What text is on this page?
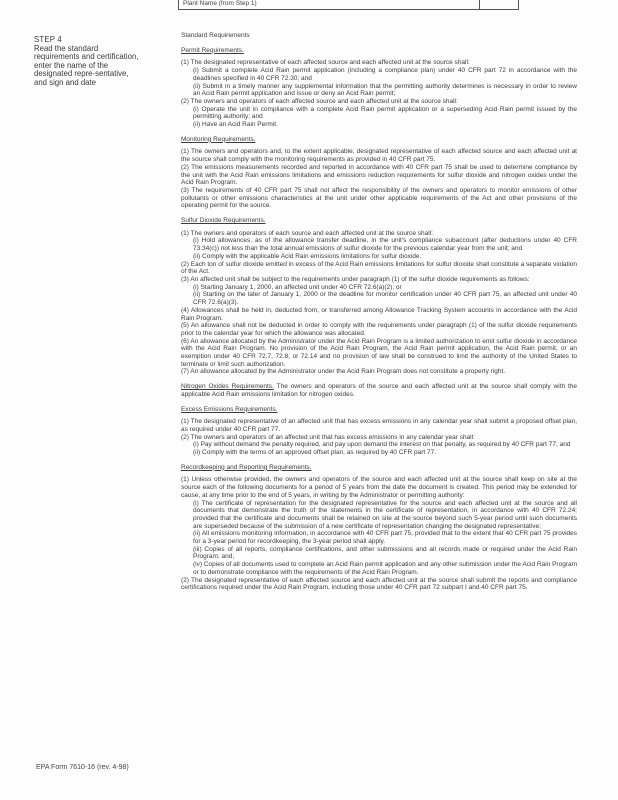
Plant Name (from Step 1)
STEP 4
Read the standard requirements and certification, enter the name of the designated repre-sentative, and sign and date

Standard Requirements

Permit Requirements.

(1) The designated representative of each affected source and each affected unit at the source shall:

(i) Submit a complete Acid Rain permit application (including a compliance plan) under 40 CFR part 72 in accordance with the deadlines specified in 40 CFR 72.30; and

(ii) Submit in a timely manner any supplemental information that the permitting authority determines is necessary in order to review an Acid Rain permit application and issue or deny an Acid Rain permit;

(2) The owners and operators of each affected source and each affected unit at the source shall:

(i) Operate the unit in compliance with a complete Acid Rain permit application or a superseding Acid Rain permit issued by the permitting authority; and

(ii) Have an Acid Rain Permit.

Monitoring Requirements.

(1) The owners and operators and, to the extent applicable, designated representative of each affected source and each affected unit at the source shall comply with the monitoring requirements as provided in 40 CFR part 75.

(2) The emissions measurements recorded and reported in accordance with 40 CFR part 75 shall be used to determine compliance by the unit with the Acid Rain emissions limitations and emissions reduction requirements for sulfur dioxide and nitrogen oxides under the Acid Rain Program.

(3) The requirements of 40 CFR part 75 shall not affect the responsibility of the owners and operators to monitor emissions of other pollutants or other emissions characteristics at the unit under other applicable requirements of the Act and other provisions of the operating permit for the source.

Sulfur Dioxide Requirements.

(1) The owners and operators of each source and each affected unit at the source shall:

(i) Hold allowances, as of the allowance transfer deadline, in the unit's compliance subaccount (after deductions under 40 CFR 73.34(c)) not less than the total annual emissions of sulfur dioxide for the previous calendar year from the unit; and

(ii) Comply with the applicable Acid Rain emissions limitations for sulfur dioxide.

(2) Each ton of sulfur dioxide emitted in excess of the Acid Rain emissions limitations for sulfur dioxide shall constitute a separate violation of the Act.

(3) An affected unit shall be subject to the requirements under paragraph (1) of the sulfur dioxide requirements as follows:

(i) Starting January 1, 2000, an affected unit under 40 CFR 72.6(a)(2); or

(ii) Starting on the later of January 1, 2000 or the deadline for monitor certification under 40 CFR part 75, an affected unit under 40 CFR 72.6(a)(3).

(4) Allowances shall be held in, deducted from, or transferred among Allowance Tracking System accounts in accordance with the Acid Rain Program.

(5) An allowance shall not be deducted in order to comply with the requirements under paragraph (1) of the sulfur dioxide requirements prior to the calendar year for which the allowance was allocated.

(6) An allowance allocated by the Administrator under the Acid Rain Program is a limited authorization to emit sulfur dioxide in accordance with the Acid Rain Program. No provision of the Acid Rain Program, the Acid Rain permit application, the Acid Rain permit, or an exemption under 40 CFR 72.7, 72.8, or 72.14 and no provision of law shall be construed to limit the authority of the United States to terminate or limit such authorization.

(7) An allowance allocated by the Administrator under the Acid Rain Program does not constitute a property right.

Nitrogen Oxides Requirements. The owners and operators of the source and each affected unit at the source shall comply with the applicable Acid Rain emissions limitation for nitrogen oxides.

Excess Emissions Requirements.

(1) The designated representative of an affected unit that has excess emissions in any calendar year shall submit a proposed offset plan, as required under 40 CFR part 77.

(2) The owners and operators of an affected unit that has excess emissions in any calendar year shall:

(i) Pay without demand the penalty required, and pay upon demand the interest on that penalty, as required by 40 CFR part 77; and

(ii) Comply with the terms of an approved offset plan, as required by 40 CFR part 77.

Recordkeeping and Reporting Requirements.

(1) Unless otherwise provided, the owners and operators of the source and each affected unit at the source shall keep on site at the source each of the following documents for a period of 5 years from the date the document is created. This period may be extended for cause, at any time prior to the end of 5 years, in writing by the Administrator or permitting authority:

(i) The certificate of representation for the designated representative for the source and each affected unit at the source and all documents that demonstrate the truth of the statements in the certificate of representation, in accordance with 40 CFR 72.24; provided that the certificate and documents shall be retained on site at the source beyond such 5-year period until such documents are superseded because of the submission of a new certificate of representation changing the designated representative;

(ii) All emissions monitoring information, in accordance with 40 CFR part 75, provided that to the extent that 40 CFR part 75 provides for a 3-year period for recordkeeping, the 3-year period shall apply.

(iii) Copies of all reports, compliance certifications, and other submissions and all records made or required under the Acid Rain Program; and,

(iv) Copies of all documents used to complete an Acid Rain permit application and any other submission under the Acid Rain Program or to demonstrate compliance with the requirements of the Acid Rain Program.

(2) The designated representative of each affected source and each affected unit at the source shall submit the reports and compliance certifications required under the Acid Rain Program, including those under 40 CFR part 72 subpart I and 40 CFR part 75.

EPA Form 7610-16 (rev. 4-98)
